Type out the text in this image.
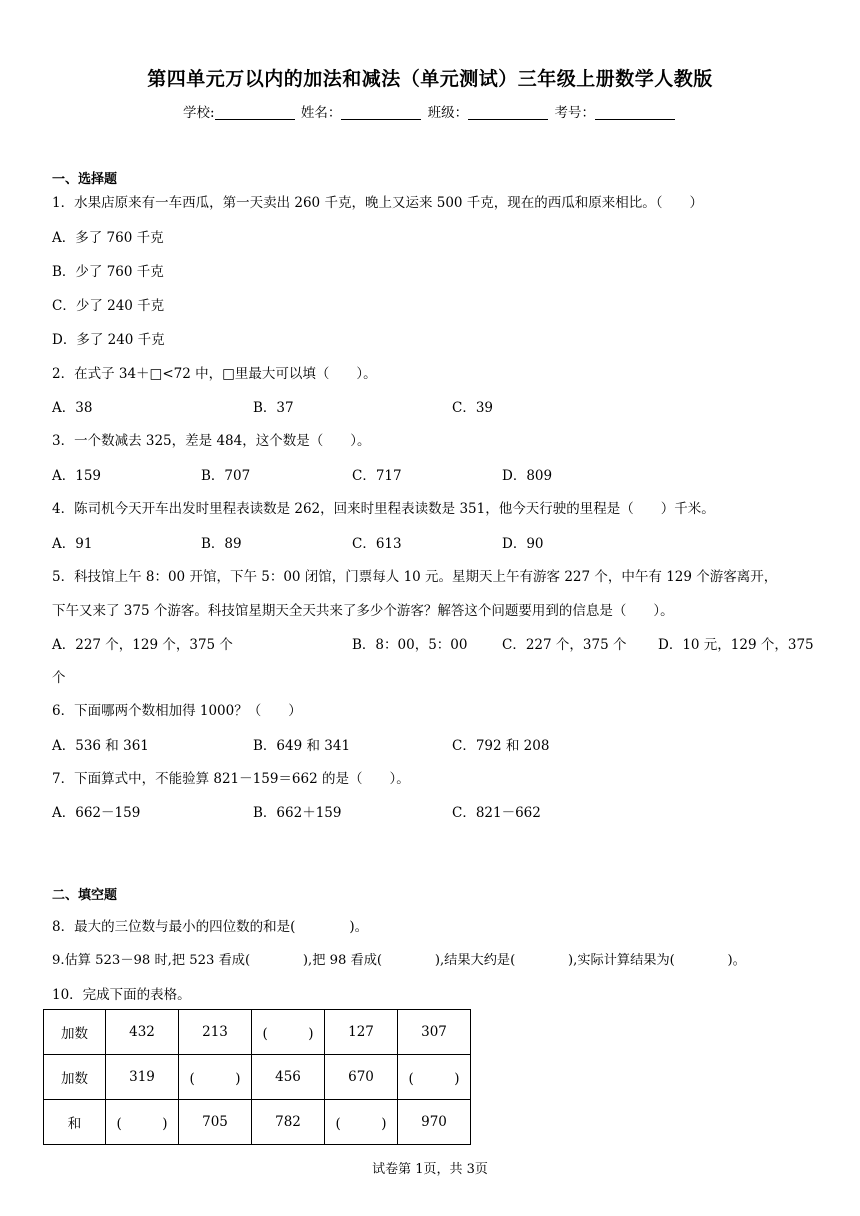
第四单元万以内的加法和减法（单元测试）三年级上册数学人教版
学校:	姓名：	班级：	考号：
一、选择题
1．水果店原来有一车西瓜，第一天卖出 260 千克，晚上又运来 500 千克，现在的西瓜和原来相比。（　　）
A．多了 760 千克
B．少了 760 千克
C．少了 240 千克
D．多了 240 千克
2．在式子 34＋□<72 中，□里最大可以填（　　）。
A．38	B．37	C．39
3．一个数减去 325，差是 484，这个数是（　　）。
A．159	B．707	C．717	D．809
4．陈司机今天开车出发时里程表读数是 262，回来时里程表读数是 351，他今天行驶的里程是（　　）千米。
A．91	B．89	C．613	D．90
5．科技馆上午 8：00 开馆，下午 5：00 闭馆，门票每人 10 元。星期天上午有游客 227 个，中午有 129 个游客离开，
下午又来了 375 个游客。科技馆星期天全天共来了多少个游客？解答这个问题要用到的信息是（　　）。
A．227 个，129 个，375 个	B．8：00，5：00	C．227 个，375 个 D．10 元，129 个，375
个
6．下面哪两个数相加得 1000？（　　）
A．536 和 361	B．649 和 341	C．792 和 208
7．下面算式中，不能验算 821－159＝662 的是（　　）。
A．662－159	B．662＋159	C．821－662
二、填空题
8．最大的三位数与最小的四位数的和是(　　　　)。
9.估算 523－98 时,把 523 看成(　　　　),把 98 看成(　　　　),结果大约是(　　　　),实际计算结果为(　　　　)。
10．完成下面的表格。
加数	432	213	(　　　)	127	307
加数	319	(　　　)	456	670	(　　　)
和	(　　　)	705	782	(　　　)	970
试卷第 1页，共 3页
